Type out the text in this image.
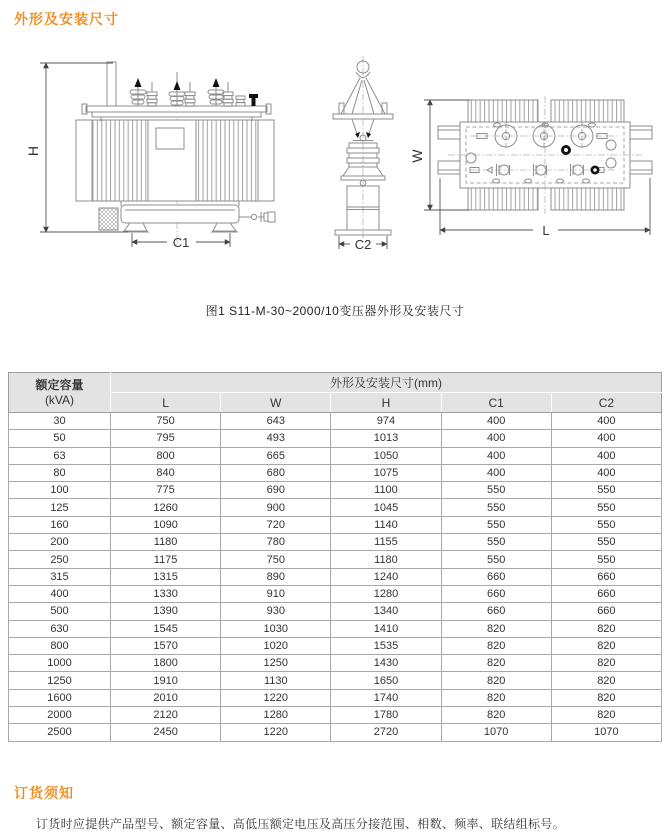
外形及安装尺寸
H
C1	C2
W
L
图1 S11-M-30~2000/10变压器外形及安装尺寸
额定容量
(kVA)	外形及安装尺寸(mm)				
	L	W	H	C1	C2
30	750	643	974	400	400
50	795	493	1013	400	400
63	800	665	1050	400	400
80	840	680	1075	400	400
100	775	690	1100	550	550
125	1260	900	1045	550	550
160	1090	720	1140	550	550
200	1180	780	1155	550	550
250	1175	750	1180	550	550
315	1315	890	1240	660	660
400	1330	910	1280	660	660
500	1390	930	1340	660	660
630	1545	1030	1410	820	820
800	1570	1020	1535	820	820
1000	1800	1250	1430	820	820
1250	1910	1130	1650	820	820
1600	2010	1220	1740	820	820
2000	2120	1280	1780	820	820
2500	2450	1220	2720	1070	1070
订货须知
订货时应提供产品型号、额定容量、高低压额定电压及高压分接范围、相数、频率、联结组标号。
